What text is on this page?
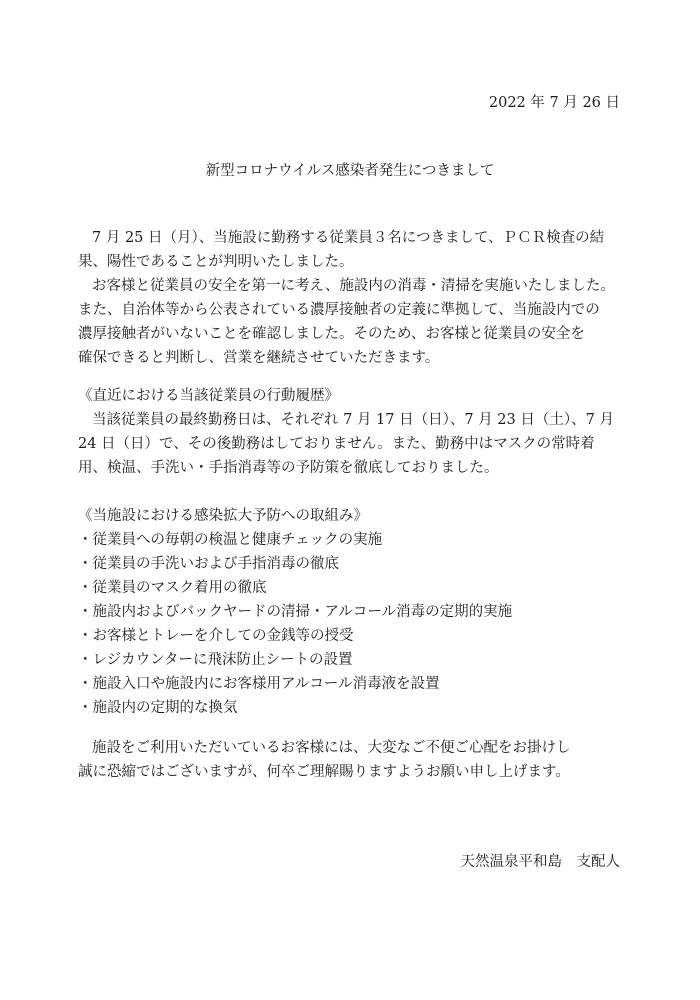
2022 年 7 月 26 日
新型コロナウイルス感染者発生につきまして
7 月 25 日（月）、当施設に勤務する従業員３名につきまして、ＰＣＲ検査の結
果、陽性であることが判明いたしました。
お客様と従業員の安全を第一に考え、施設内の消毒・清掃を実施いたしました。
また、自治体等から公表されている濃厚接触者の定義に準拠して、当施設内での
濃厚接触者がいないことを確認しました。そのため、お客様と従業員の安全を
確保できると判断し、営業を継続させていただきます。
《直近における当該従業員の行動履歴》
当該従業員の最終勤務日は、それぞれ 7 月 17 日（日）、7 月 23 日（土）、7 月
24 日（日）で、その後勤務はしておりません。また、勤務中はマスクの常時着
用、検温、手洗い・手指消毒等の予防策を徹底しておりました。
《当施設における感染拡大予防への取組み》
・従業員への毎朝の検温と健康チェックの実施
・従業員の手洗いおよび手指消毒の徹底
・従業員のマスク着用の徹底
・施設内およびバックヤードの清掃・アルコール消毒の定期的実施
・お客様とトレーを介しての金銭等の授受
・レジカウンターに飛沫防止シートの設置
・施設入口や施設内にお客様用アルコール消毒液を設置
・施設内の定期的な換気
施設をご利用いただいているお客様には、大変なご不便ご心配をお掛けし
誠に恐縮ではございますが、何卒ご理解賜りますようお願い申し上げます。
天然温泉平和島　支配人
